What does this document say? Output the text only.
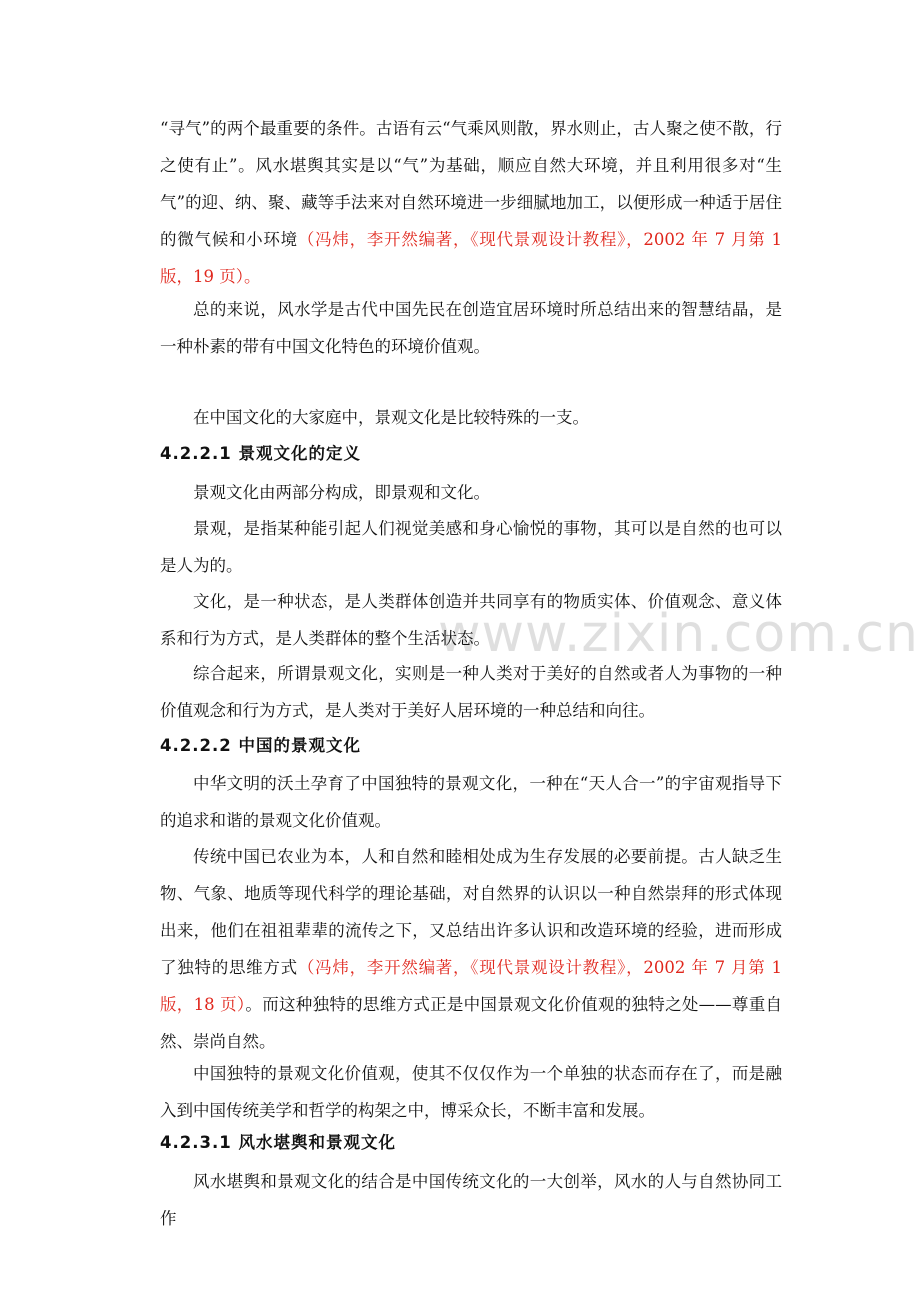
www.zixin.com.cn

“寻气”的两个最重要的条件。古语有云“气乘风则散，界水则止，古人聚之使不散，行之使有止”。风水堪舆其实是以“气”为基础，顺应自然大环境，并且利用很多对“生气”的迎、纳、聚、藏等手法来对自然环境进一步细腻地加工，以便形成一种适于居住的微气候和小环境（冯炜，李开然编著，《现代景观设计教程》，2002 年 7 月第 1 版，19 页）。

总的来说，风水学是古代中国先民在创造宜居环境时所总结出来的智慧结晶，是一种朴素的带有中国文化特色的环境价值观。

在中国文化的大家庭中，景观文化是比较特殊的一支。

4.2.2.1 景观文化的定义

景观文化由两部分构成，即景观和文化。

景观，是指某种能引起人们视觉美感和身心愉悦的事物，其可以是自然的也可以是人为的。

文化，是一种状态，是人类群体创造并共同享有的物质实体、价值观念、意义体系和行为方式，是人类群体的整个生活状态。

综合起来，所谓景观文化，实则是一种人类对于美好的自然或者人为事物的一种价值观念和行为方式，是人类对于美好人居环境的一种总结和向往。

4.2.2.2 中国的景观文化

中华文明的沃土孕育了中国独特的景观文化，一种在“天人合一”的宇宙观指导下的追求和谐的景观文化价值观。

传统中国已农业为本，人和自然和睦相处成为生存发展的必要前提。古人缺乏生物、气象、地质等现代科学的理论基础，对自然界的认识以一种自然崇拜的形式体现出来，他们在祖祖辈辈的流传之下，又总结出许多认识和改造环境的经验，进而形成了独特的思维方式（冯炜，李开然编著，《现代景观设计教程》，2002 年 7 月第 1 版，18 页）。而这种独特的思维方式正是中国景观文化价值观的独特之处——尊重自然、崇尚自然。

中国独特的景观文化价值观，使其不仅仅作为一个单独的状态而存在了，而是融入到中国传统美学和哲学的构架之中，博采众长，不断丰富和发展。

4.2.3.1 风水堪舆和景观文化

风水堪舆和景观文化的结合是中国传统文化的一大创举，风水的人与自然协同工作
